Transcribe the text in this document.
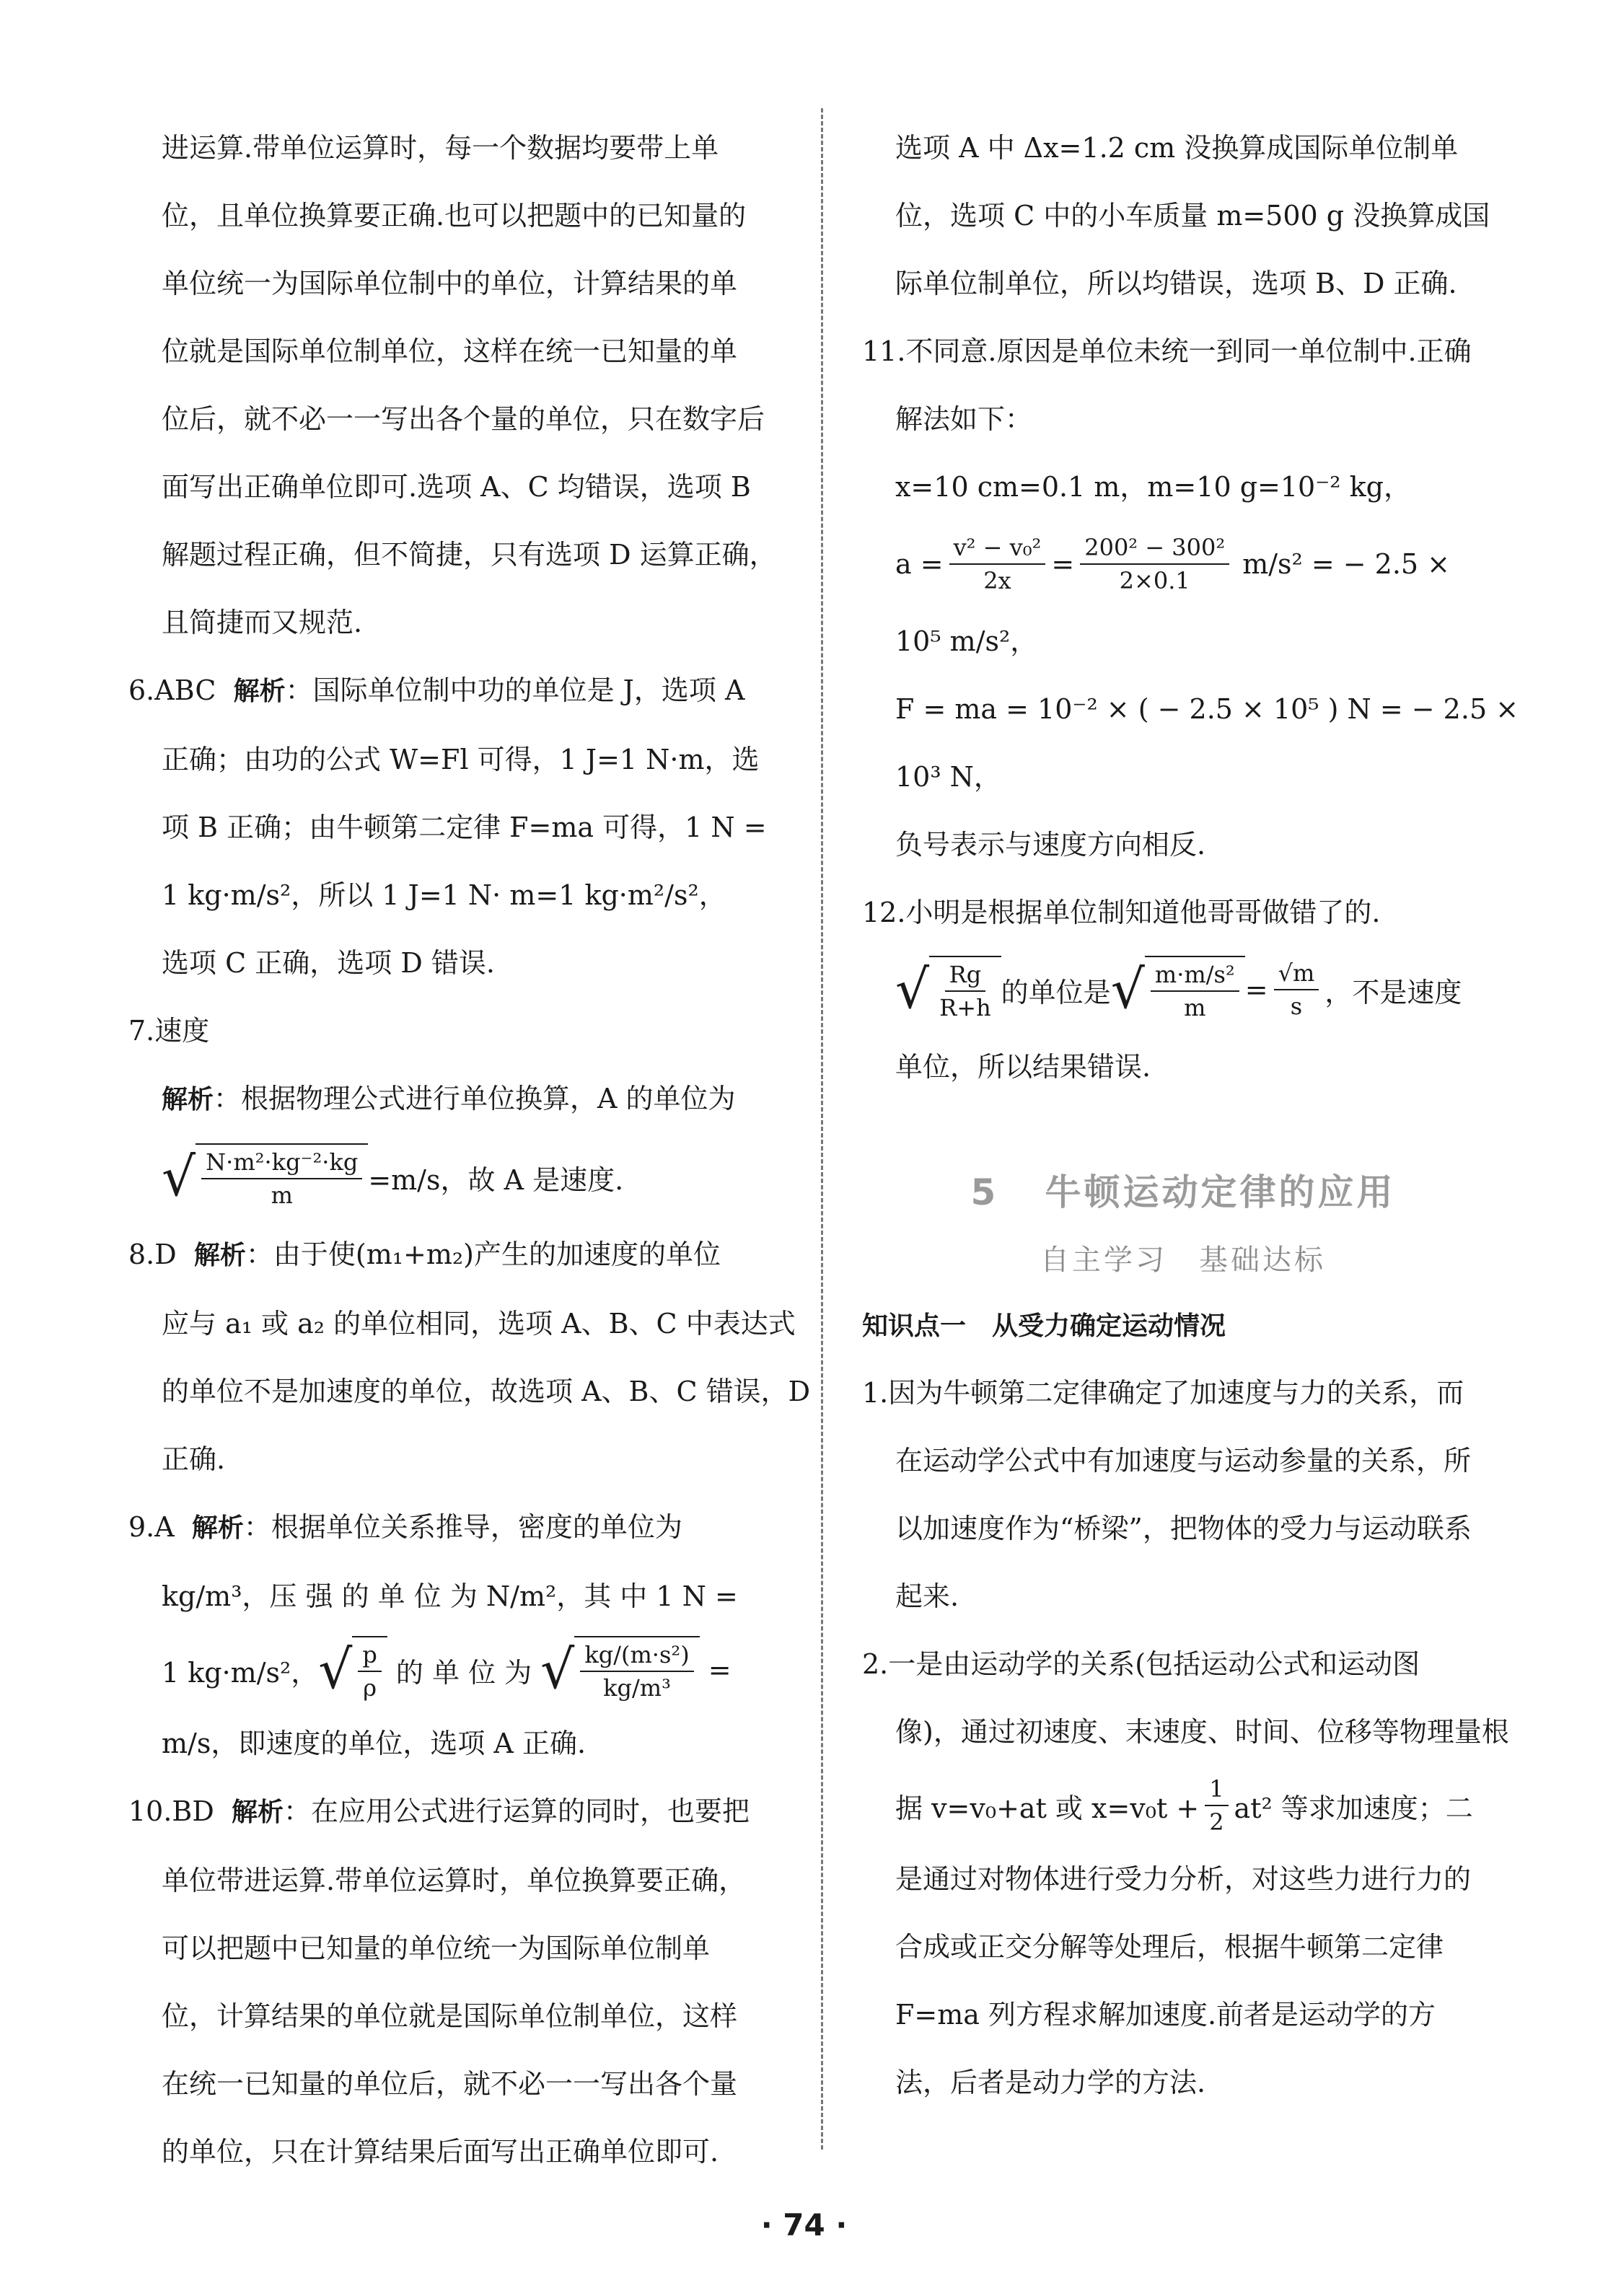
进运算.带单位运算时，每一个数据均要带上单

位，且单位换算要正确.也可以把题中的已知量的

单位统一为国际单位制中的单位，计算结果的单

位就是国际单位制单位，这样在统一已知量的单

位后，就不必一一写出各个量的单位，只在数字后

面写出正确单位即可.选项 A、C 均错误，选项 B

解题过程正确，但不简捷，只有选项 D 运算正确，

且简捷而又规范.

6.ABC 解析：国际单位制中功的单位是 J，选项 A

正确；由功的公式 W=Fl 可得，1 J=1 N·m，选

项 B 正确；由牛顿第二定律 F=ma 可得，1 N =

1 kg·m/s²，所以 1 J=1 N· m=1 kg·m²/s²，

选项 C 正确，选项 D 错误.

7.速度

解析：根据物理公式进行单位换算，A 的单位为

√ $\frac{\text{N·m²·kg⁻²·kg}}{m} =m/s$，故 A 是速度.

8.D 解析：由于使(m₁+m₂)产生的加速度的单位

应与 a₁ 或 a₂ 的单位相同，选项 A、B、C 中表达式

的单位不是加速度的单位，故选项 A、B、C 错误，D

正确.

9.A 解析：根据单位关系推导，密度的单位为

kg/m³，压 强 的 单 位 为 N/m²，其 中 1 N =

1 kg·m/s²， √ $\frac{p}{\rho}$ 的 单 位 为 √ $\frac{\text{kg/(m·s²)}}{\text{kg/m³}}$ =

m/s，即速度的单位，选项 A 正确.

10.BD 解析：在应用公式进行运算的同时，也要把

单位带进运算.带单位运算时，单位换算要正确，

可以把题中已知量的单位统一为国际单位制单

位，计算结果的单位就是国际单位制单位，这样

在统一已知量的单位后，就不必一一写出各个量

的单位，只在计算结果后面写出正确单位即可.

选项 A 中 Δx=1.2 cm 没换算成国际单位制单

位，选项 C 中的小车质量 m=500 g 没换算成国

际单位制单位，所以均错误，选项 B、D 正确.

11.不同意.原因是单位未统一到同一单位制中.正确

解法如下：

x=10 cm=0.1 m，m=10 g=10⁻² kg，

$a = \frac{\text{v² − v₀²}}{2x} = \frac{\text{200² − 300²}}{2\times 0.1} m/s^2$ = − 2.5 ×

10⁵ m/s²，

F = ma = 10⁻² × ( − 2.5 × 10⁵ ) N = − 2.5 ×

10³ N，

负号表示与速度方向相反.

12.小明是根据单位制知道他哥哥做错了的.

√ $\frac{Rg}{R+h}$ 的单位是 √ $\frac{\text{m·m/s²}}{m} = \frac{√m}{s}$ ，不是速度

单位，所以结果错误.

5 牛顿运动定律的应用
自主学习　基础达标

知识点一　从受力确定运动情况

1.因为牛顿第二定律确定了加速度与力的关系，而

在运动学公式中有加速度与运动参量的关系，所

以加速度作为“桥梁”，把物体的受力与运动联系

起来.

2.一是由运动学的关系(包括运动公式和运动图

像)，通过初速度、末速度、时间、位移等物理量根

据 v=v₀+at 或 $x=v_0t + \frac{1}{2} at^2$ 等求加速度；二

是通过对物体进行受力分析，对这些力进行力的

合成或正交分解等处理后，根据牛顿第二定律

F=ma 列方程求解加速度.前者是运动学的方

法，后者是动力学的方法.

· 74 ·
